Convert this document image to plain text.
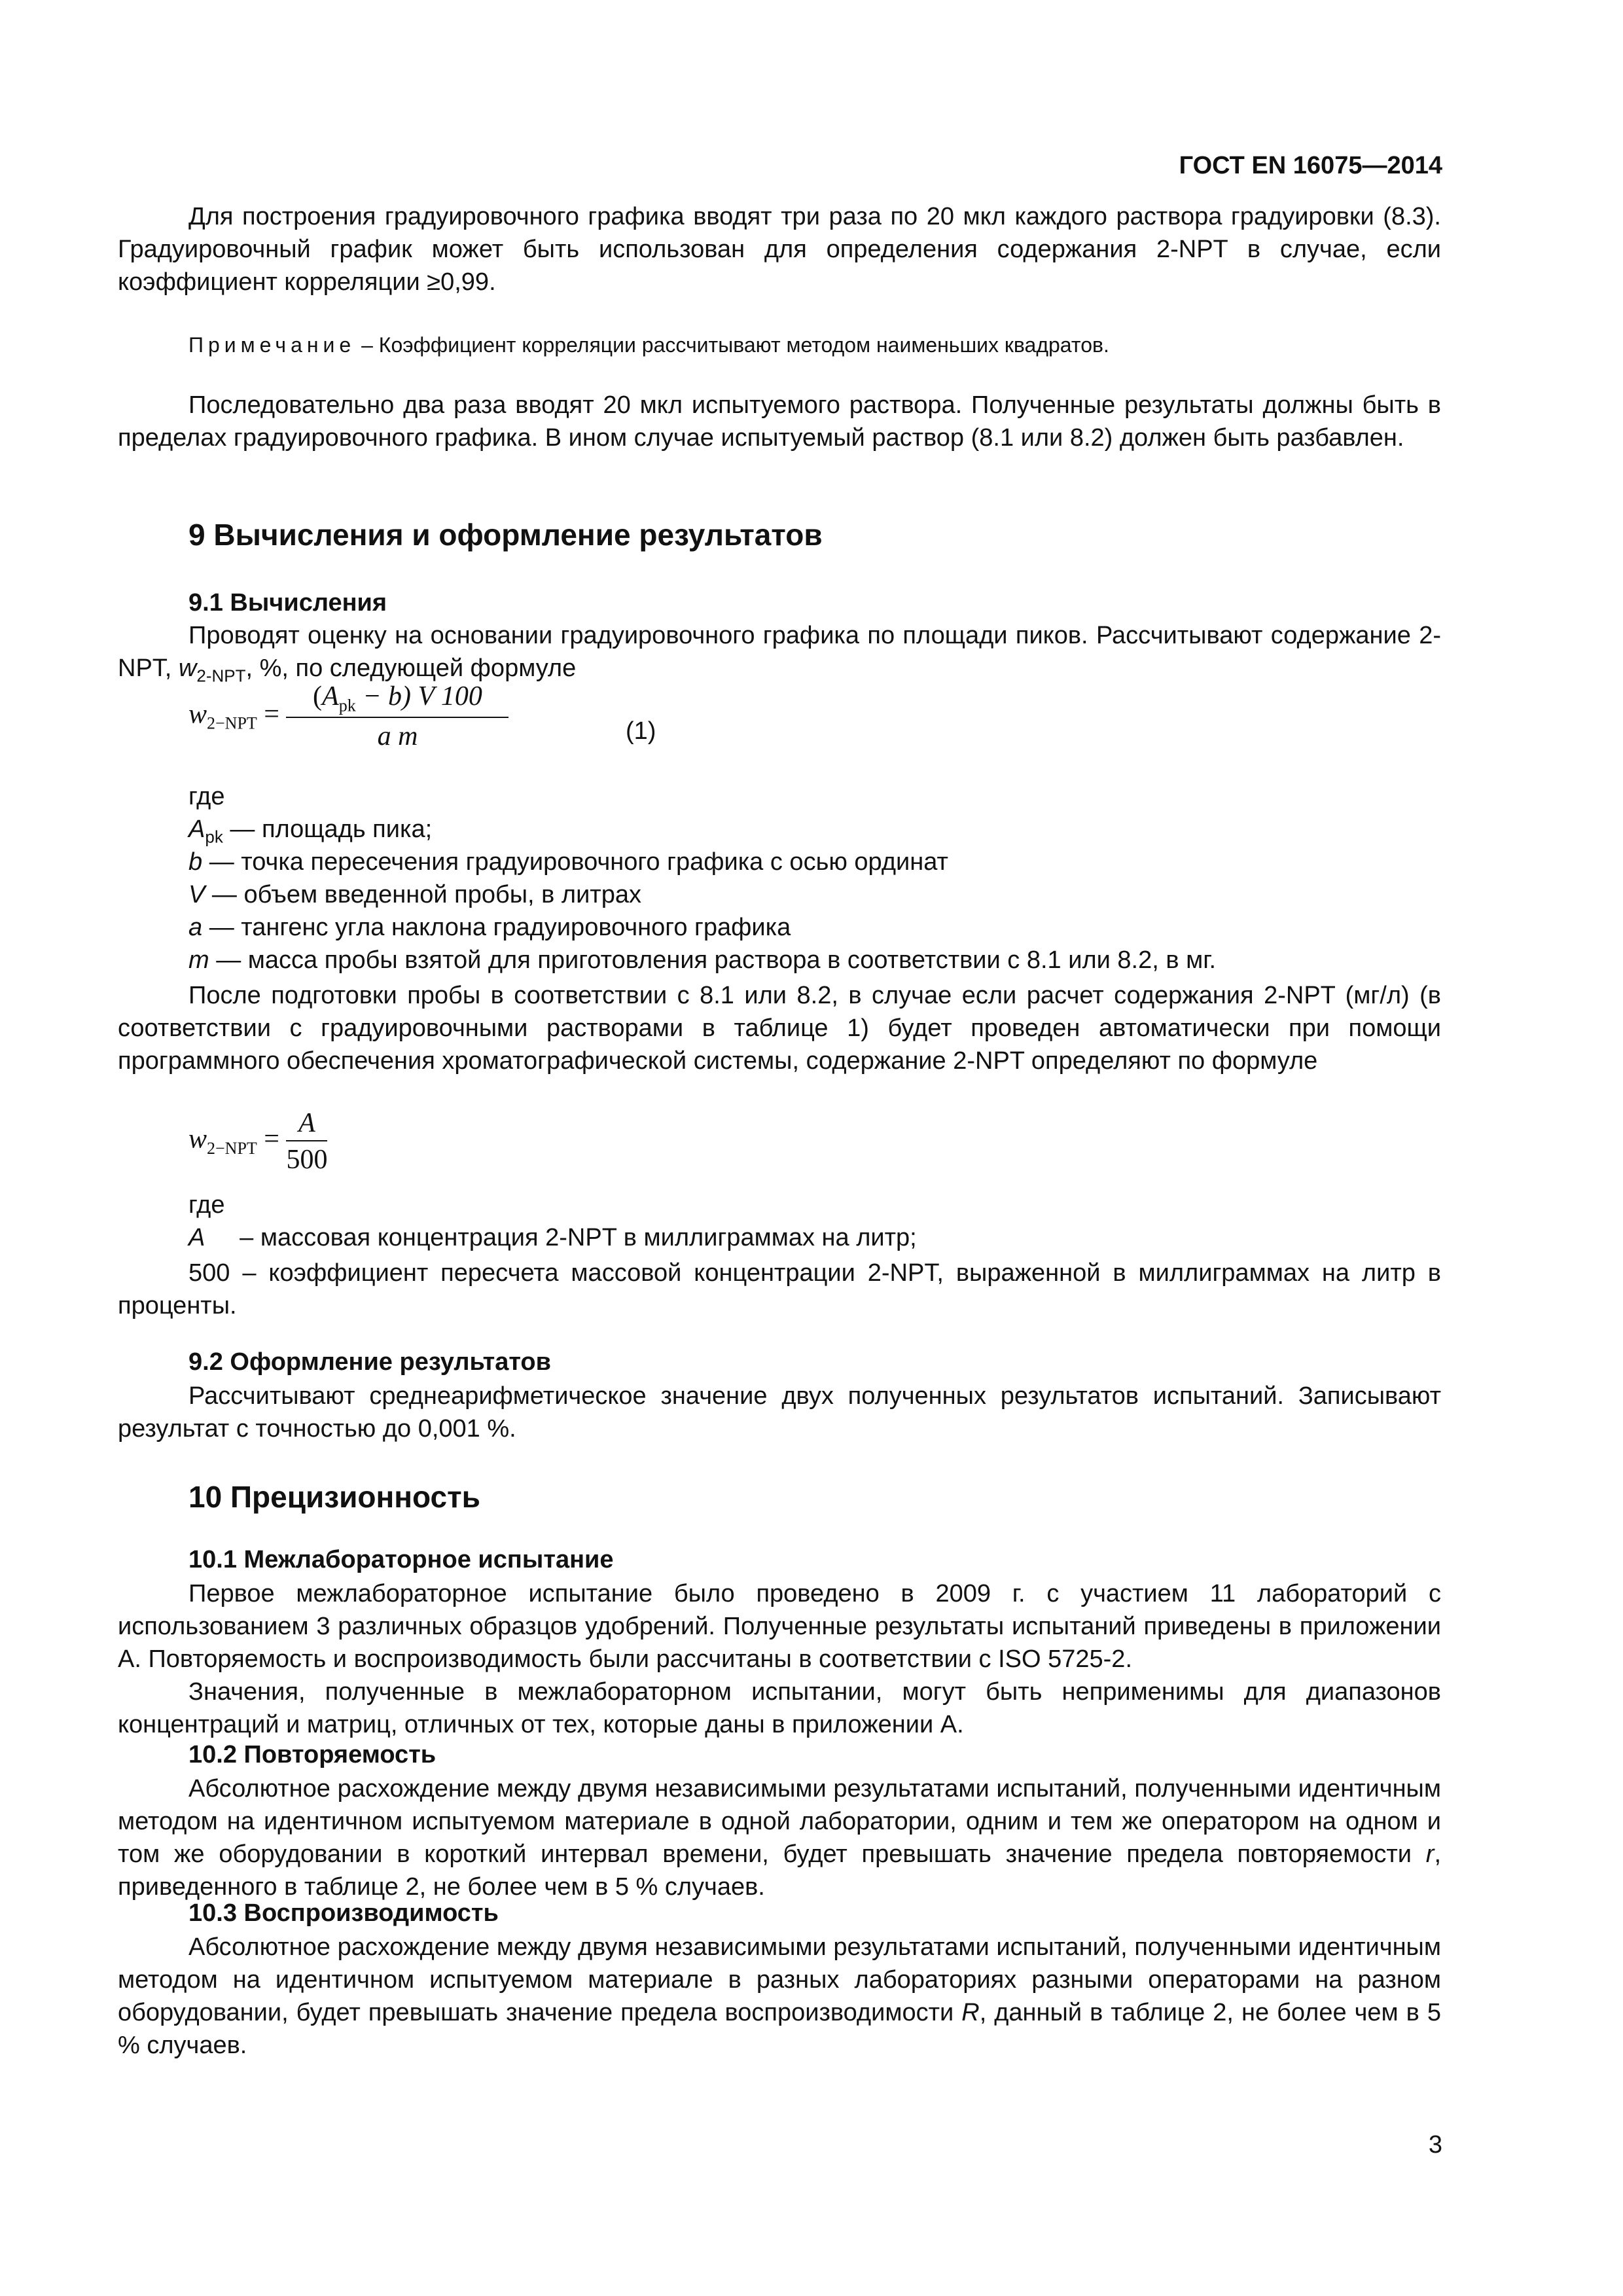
ГОСТ EN 16075—2014
Для построения градуировочного графика вводят три раза по 20 мкл каждого раствора градуировки (8.3). Градуировочный график может быть использован для определения содержания 2-NPT в случае, если коэффициент корреляции ≥0,99.
Примечание – Коэффициент корреляции рассчитывают методом наименьших квадратов.
Последовательно два раза вводят 20 мкл испытуемого раствора. Полученные результаты должны быть в пределах градуировочного графика. В ином случае испытуемый раствор (8.1 или 8.2) должен быть разбавлен.
9 Вычисления и оформление результатов
9.1 Вычисления
Проводят оценку на основании градуировочного графика по площади пиков. Рассчитывают содержание 2-NPT, $w_{2-NPT}$, %, по следующей формуле
$w_{2-NPT} = \frac{(A_{pk} - b) V 100}{\text{a m}}$	(1)
где
$A_{pk}$ — площадь пика;
b — точка пересечения градуировочного графика с осью ординат
V — объем введенной пробы, в литрах
a — тангенс угла наклона градуировочного графика
m — масса пробы взятой для приготовления раствора в соответствии с 8.1 или 8.2, в мг.
После подготовки пробы в соответствии с 8.1 или 8.2, в случае если расчет содержания 2-NPT (мг/л) (в соответствии с градуировочными растворами в таблице 1) будет проведен автоматически при помощи программного обеспечения хроматографической системы, содержание 2-NPT определяют по формуле
$w_{2-NPT} = \frac{A}{500}$
где
A – массовая концентрация 2-NPT в миллиграммах на литр;
500 – коэффициент пересчета массовой концентрации 2-NPT, выраженной в миллиграммах на литр в проценты.
9.2 Оформление результатов
Рассчитывают среднеарифметическое значение двух полученных результатов испытаний. Записывают результат с точностью до 0,001 %.
10 Прецизионность
10.1 Межлабораторное испытание
Первое межлабораторное испытание было проведено в 2009 г. с участием 11 лабораторий с использованием 3 различных образцов удобрений. Полученные результаты испытаний приведены в приложении А. Повторяемость и воспроизводимость были рассчитаны в соответствии с ISO 5725-2.
Значения, полученные в межлабораторном испытании, могут быть неприменимы для диапазонов концентраций и матриц, отличных от тех, которые даны в приложении А.
10.2 Повторяемость
Абсолютное расхождение между двумя независимыми результатами испытаний, полученными идентичным методом на идентичном испытуемом материале в одной лаборатории, одним и тем же оператором на одном и том же оборудовании в короткий интервал времени, будет превышать значение предела повторяемости r, приведенного в таблице 2, не более чем в 5 % случаев.
10.3 Воспроизводимость
Абсолютное расхождение между двумя независимыми результатами испытаний, полученными идентичным методом на идентичном испытуемом материале в разных лабораториях разными операторами на разном оборудовании, будет превышать значение предела воспроизводимости R, данный в таблице 2, не более чем в 5 % случаев.
3
